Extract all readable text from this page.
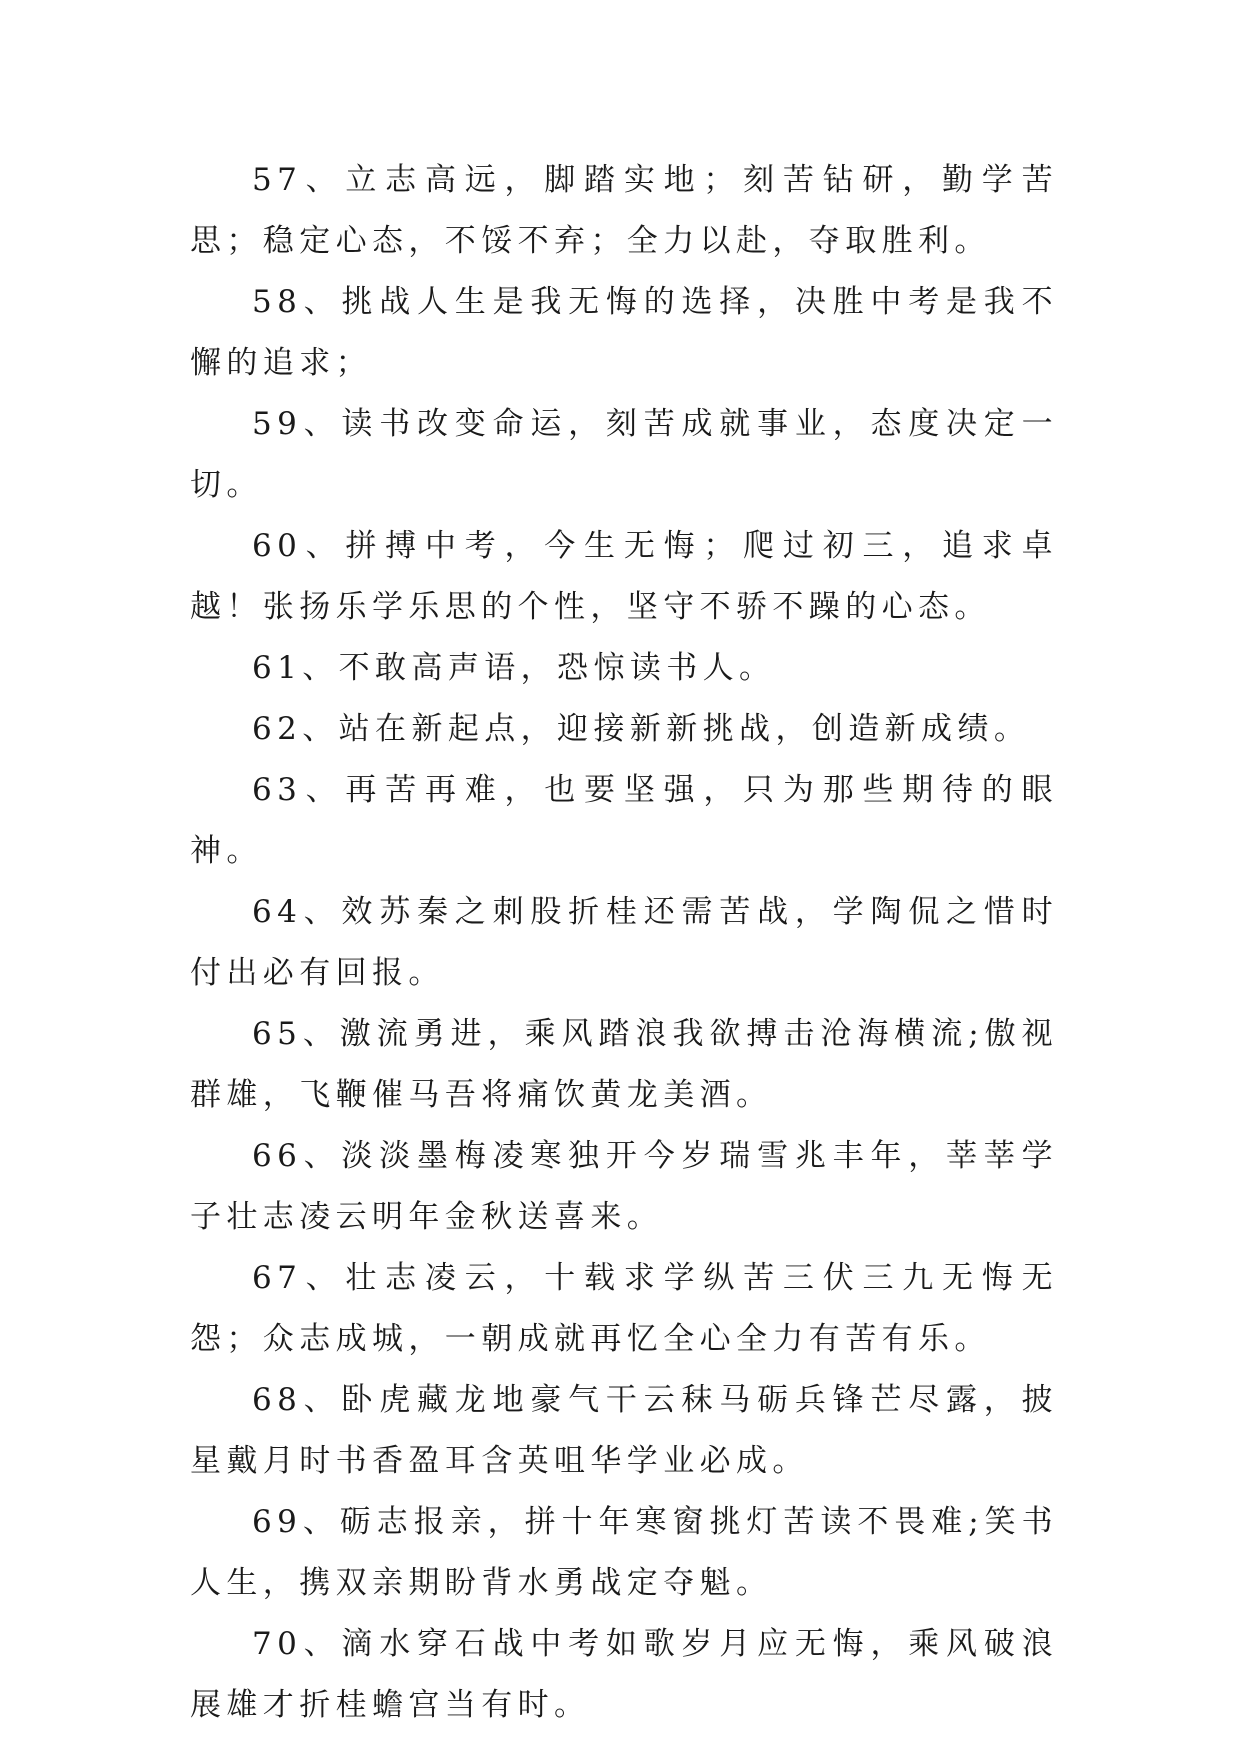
57、立志高远，脚踏实地；刻苦钻研，勤学苦思；稳定心态，不馁不弃；全力以赴，夺取胜利。

58、挑战人生是我无悔的选择，决胜中考是我不懈的追求；

59、读书改变命运，刻苦成就事业，态度决定一切。

60、拼搏中考，今生无悔；爬过初三，追求卓越！张扬乐学乐思的个性，坚守不骄不躁的心态。

61、不敢高声语，恐惊读书人。

62、站在新起点，迎接新新挑战，创造新成绩。

63、再苦再难，也要坚强，只为那些期待的眼神。

64、效苏秦之刺股折桂还需苦战，学陶侃之惜时付出必有回报。

65、激流勇进，乘风踏浪我欲搏击沧海横流;傲视群雄，飞鞭催马吾将痛饮黄龙美酒。

66、淡淡墨梅凌寒独开今岁瑞雪兆丰年，莘莘学子壮志凌云明年金秋送喜来。

67、壮志凌云，十载求学纵苦三伏三九无悔无怨；众志成城，一朝成就再忆全心全力有苦有乐。

68、卧虎藏龙地豪气干云秣马砺兵锋芒尽露，披星戴月时书香盈耳含英咀华学业必成。

69、砺志报亲，拼十年寒窗挑灯苦读不畏难;笑书人生，携双亲期盼背水勇战定夺魁。

70、滴水穿石战中考如歌岁月应无悔，乘风破浪展雄才折桂蟾宫当有时。
